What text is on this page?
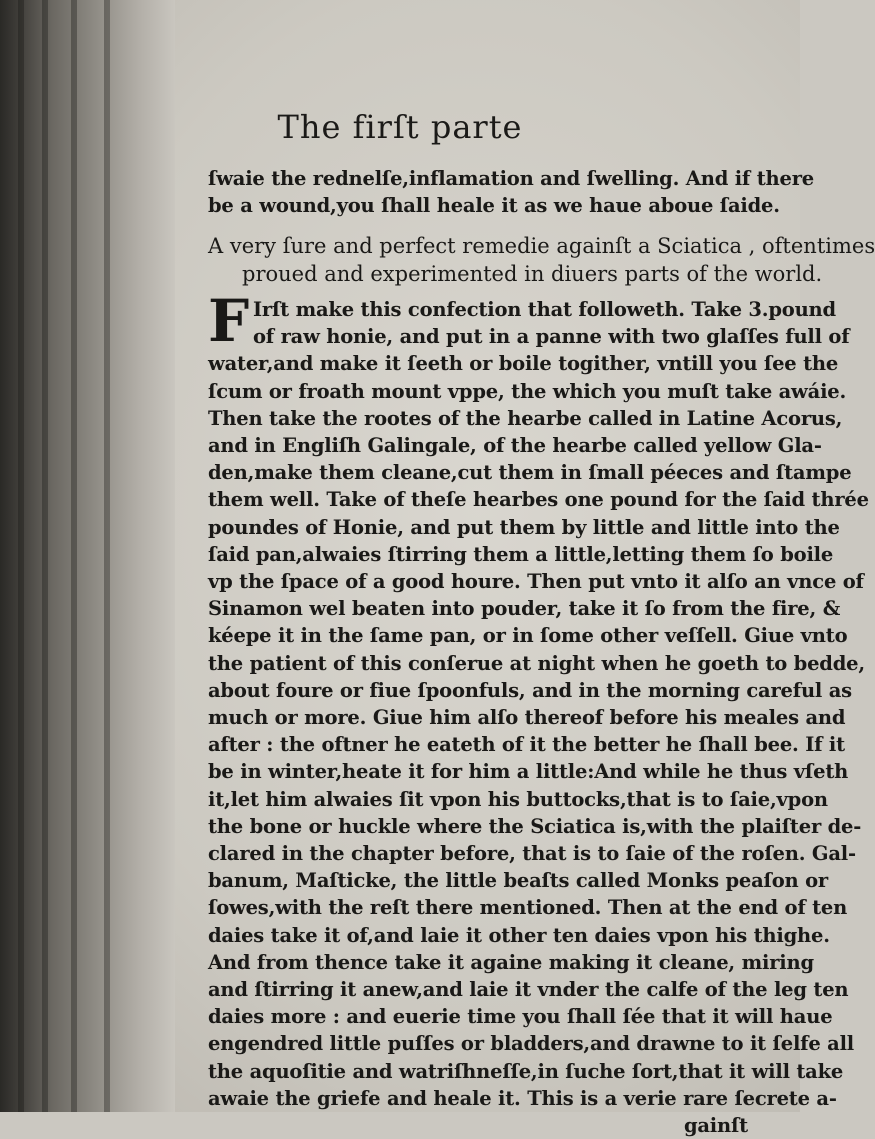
The firſt parte
ſwaie the rednelſe,inflamation and ſwelling. And if there
be a wound,you ſhall heale it as we haue aboue ſaide.
A very ſure and perfect remedie againſt a Sciatica , oftentimes
proued and experimented in diuers parts of the world.
F Irſt make this confection that followeth. Take 3.pound
of raw honie, and put in a panne with two glaſſes full of
water,and make it ſeeth or boile togither, vntill you ſee the
ſcum or froath mount vppe, the which you muſt take awáie.
Then take the rootes of the hearbe called in Latine Acorus,
and in Engliſh Galingale, of the hearbe called yellow Gla-
den,make them cleane,cut them in ſmall péeces and ſtampe
them well. Take of theſe hearbes one pound for the ſaid thrée
poundes of Honie, and put them by little and little into the
ſaid pan,alwaies ſtirring them a little,letting them ſo boile
vp the ſpace of a good houre. Then put vnto it alſo an vnce of
Sinamon wel beaten into pouder, take it ſo from the fire, &
kéepe it in the ſame pan, or in ſome other veſſell. Giue vnto
the patient of this conſerue at night when he goeth to bedde,
about foure or fiue ſpoonfuls, and in the morning careful as
much or more. Giue him alſo thereof before his meales and
after : the oftner he eateth of it the better he ſhall bee. If it
be in winter,heate it for him a little:And while he thus vſeth
it,let him alwaies ſit vpon his buttocks,that is to ſaie,vpon
the bone or huckle where the Sciatica is,with the plaiſter de-
clared in the chapter before, that is to ſaie of the roſen. Gal-
banum, Maſticke, the little beaſts called Monks peaſon or
ſowes,with the reſt there mentioned. Then at the end of ten
daies take it of,and laie it other ten daies vpon his thighe.
And from thence take it againe making it cleane, miring
and ſtirring it anew,and laie it vnder the calfe of the leg ten
daies more : and euerie time you ſhall ſée that it will haue
engendred little puſſes or bladders,and drawne to it ſelfe all
the aquoſitie and watriſhneſſe,in ſuche ſort,that it will take
awaie the griefe and heale it. This is a verie rare ſecrete a-
gainſt
